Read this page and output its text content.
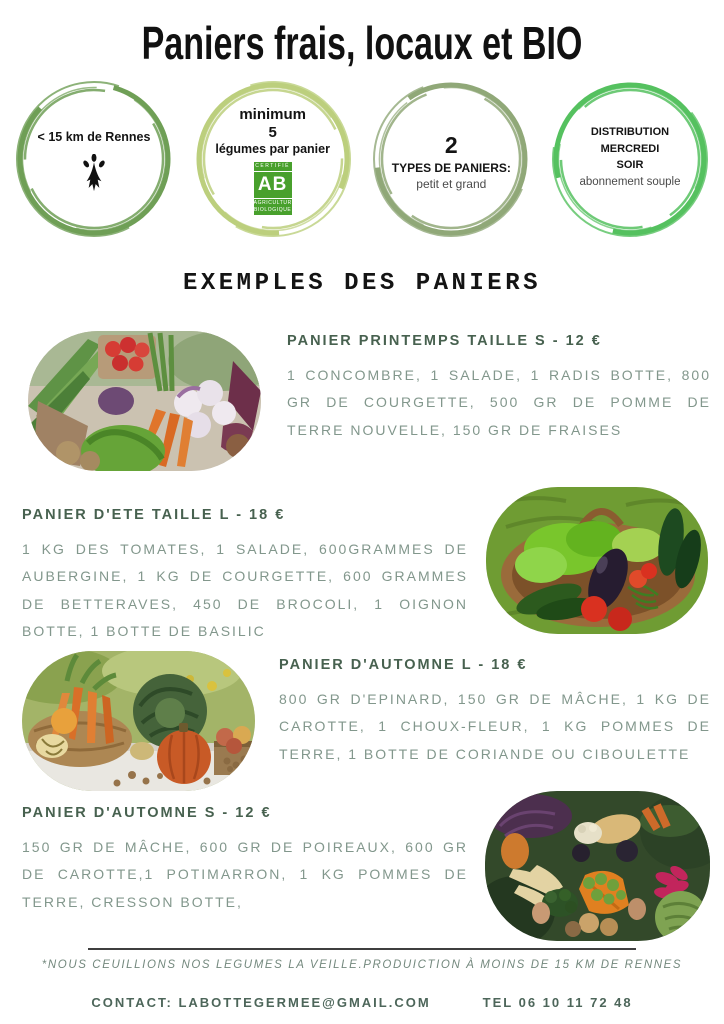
Paniers frais, locaux et BIO
< 15 km de Rennes
minimum
5
légumes par panier
CERTIFIÉ
AB
AGRICULTURE
BIOLOGIQUE
2
TYPES DE PANIERS:
petit et grand
DISTRIBUTION MERCREDI
SOIR
abonnement souple
EXEMPLES DES PANIERS
PANIER PRINTEMPS TAILLE S - 12 €

1 CONCOMBRE, 1 SALADE, 1 RADIS BOTTE, 800 GR DE COURGETTE, 500 GR DE POMME DE TERRE NOUVELLE, 150 GR DE FRAISES

PANIER D'ETE TAILLE L - 18 €

1 KG DES TOMATES, 1 SALADE, 600GRAMMES DE AUBERGINE, 1 KG DE COURGETTE, 600 GRAMMES DE BETTERAVES, 450 DE BROCOLI, 1 OIGNON BOTTE, 1 BOTTE DE BASILIC

PANIER D'AUTOMNE L - 18 €

800 GR D'EPINARD, 150 GR DE MÂCHE, 1 KG DE CAROTTE, 1 CHOUX-FLEUR, 1 KG POMMES DE TERRE, 1 BOTTE DE CORIANDE OU CIBOULETTE

PANIER D'AUTOMNE S - 12 €

150 GR DE MÂCHE, 600 GR DE POIREAUX, 600 GR DE CAROTTE,1 POTIMARRON, 1 KG POMMES DE TERRE, CRESSON BOTTE,

*NOUS CEUILLIONS NOS LEGUMES LA VEILLE.PRODUICTION À MOINS DE 15 KM DE RENNES
CONTACT: LABOTTEGERMEE@GMAIL.COM	TEL 06 10 11 72 48
